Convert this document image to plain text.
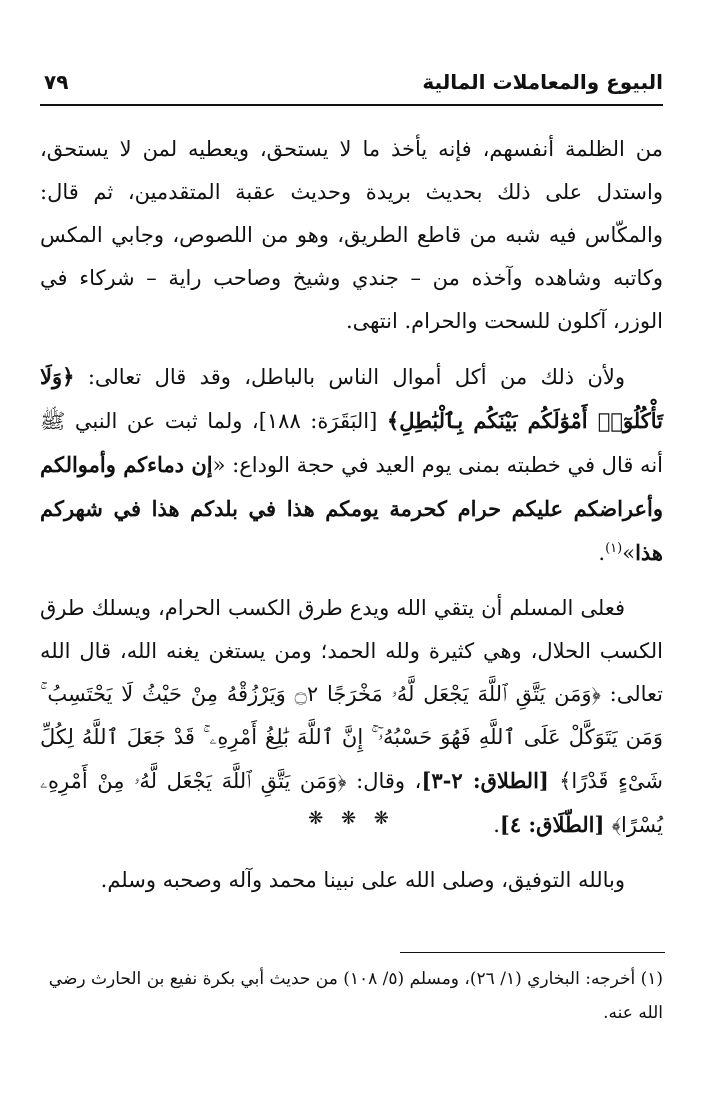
البيوع والمعاملات المالية
٧٩

من الظلمة أنفسهم، فإنه يأخذ ما لا يستحق، ويعطيه لمن لا يستحق، واستدل على ذلك بحديث بريدة وحديث عقبة المتقدمين، ثم قال: والمكّاس فيه شبه من قاطع الطريق، وهو من اللصوص، وجابي المكس وكاتبه وشاهده وآخذه من – جندي وشيخ وصاحب راية – شركاء في الوزر، آكلون للسحت والحرام. انتهى.

ولأن ذلك من أكل أموال الناس بالباطل، وقد قال تعالى: ﴿وَلَا تَأْكُلُوٓا۟ أَمْوَٰلَكُم بَيْنَكُم بِٱلْبَٰطِلِ﴾ [البَقَرَة: ١٨٨]، ولما ثبت عن النبي ﷺ أنه قال في خطبته بمنى يوم العيد في حجة الوداع: «إن دماءكم وأموالكم وأعراضكم عليكم حرام كحرمة يومكم هذا في بلدكم هذا في شهركم هذا»$^{(١)}$.

فعلى المسلم أن يتقي الله ويدع طرق الكسب الحرام، ويسلك طرق الكسب الحلال، وهي كثيرة ولله الحمد؛ ومن يستغن يغنه الله، قال الله تعالى: ﴿وَمَن يَتَّقِ ٱللَّهَ يَجْعَل لَّهُۥ مَخْرَجًا ۝٢ وَيَرْزُقْهُ مِنْ حَيْثُ لَا يَحْتَسِبُ ۚ وَمَن يَتَوَكَّلْ عَلَى ٱللَّهِ فَهُوَ حَسْبُهُۥٓ ۚ إِنَّ ٱللَّهَ بَٰلِغُ أَمْرِهِۦ ۚ قَدْ جَعَلَ ٱللَّهُ لِكُلِّ شَىْءٍ قَدْرًا﴾ [الطلاق: ٢-٣]، وقال: ﴿وَمَن يَتَّقِ ٱللَّهَ يَجْعَل لَّهُۥ مِنْ أَمْرِهِۦ يُسْرًا﴾ [الطّلَاق: ٤].

وبالله التوفيق، وصلى الله على نبينا محمد وآله وصحبه وسلم.

❋ ❋ ❋
(١) أخرجه: البخاري (١/ ٢٦)، ومسلم (٥/ ١٠٨) من حديث أبي بكرة نفيع بن الحارث رضي الله عنه.
